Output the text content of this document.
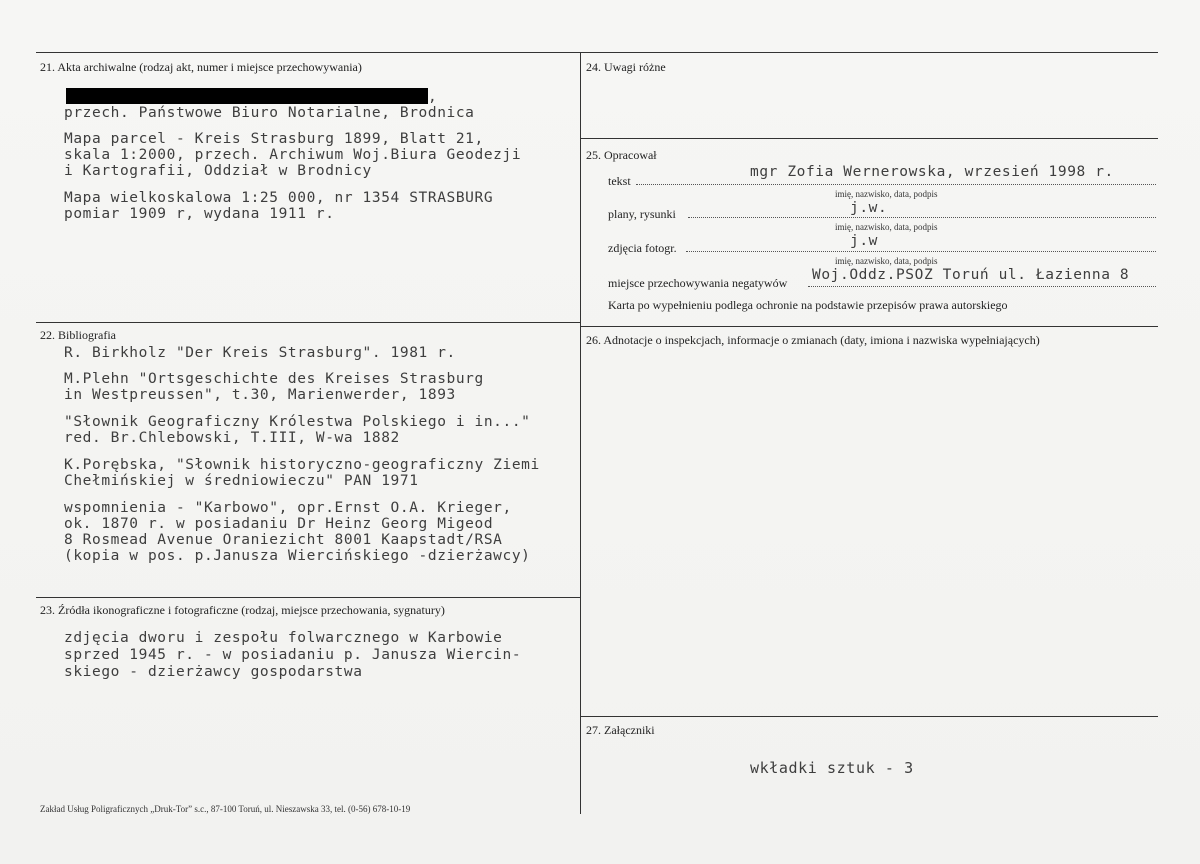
21. Akta archiwalne (rodzaj akt, numer i miejsce przechowywania)
,
przech. Państwowe Biuro Notarialne, Brodnica
Mapa parcel - Kreis Strasburg 1899, Blatt 21,
skala 1:2000, przech. Archiwum Woj.Biura Geodezji
i Kartografii, Oddział w Brodnicy
Mapa wielkoskalowa 1:25 000, nr 1354 STRASBURG
pomiar 1909 r, wydana 1911 r.
22. Bibliografia
R. Birkholz "Der Kreis Strasburg". 1981 r.
M.Plehn "Ortsgeschichte des Kreises Strasburg
in Westpreussen", t.30, Marienwerder, 1893
"Słownik Geograficzny Królestwa Polskiego i in..."
red. Br.Chlebowski, T.III, W-wa 1882
K.Porębska, "Słownik historyczno-geograficzny Ziemi
Chełmińskiej w średniowieczu" PAN 1971
wspomnienia - "Karbowo", opr.Ernst O.A. Krieger,
ok. 1870 r. w posiadaniu Dr Heinz Georg Migeod
8 Rosmead Avenue Oraniezicht 8001 Kaapstadt/RSA
(kopia w pos. p.Janusza Wiercińskiego -dzierżawcy)
23. Źródła ikonograficzne i fotograficzne (rodzaj, miejsce przechowania, sygnatury)
zdjęcia dworu i zespołu folwarcznego w Karbowie
sprzed 1945 r. - w posiadaniu p. Janusza Wiercin-
skiego - dzierżawcy gospodarstwa
24. Uwagi różne
25. Opracował
tekst
mgr Zofia Wernerowska, wrzesień 1998 r.
imię, nazwisko, data, podpis
plany, rysunki	j.w.
imię, nazwisko, data, podpis
zdjęcia fotogr.	j.w
imię, nazwisko, data, podpis
miejsce przechowywania negatywów Woj.Oddz.PSOZ Toruń ul. Łazienna 8
Karta po wypełnieniu podlega ochronie na podstawie przepisów prawa autorskiego
26. Adnotacje o inspekcjach, informacje o zmianach (daty, imiona i nazwiska wypełniających)
27. Załączniki
wkładki sztuk - 3
Zakład Usług Poligraficznych „Druk-Tor” s.c., 87-100 Toruń, ul. Nieszawska 33, tel. (0-56) 678-10-19
